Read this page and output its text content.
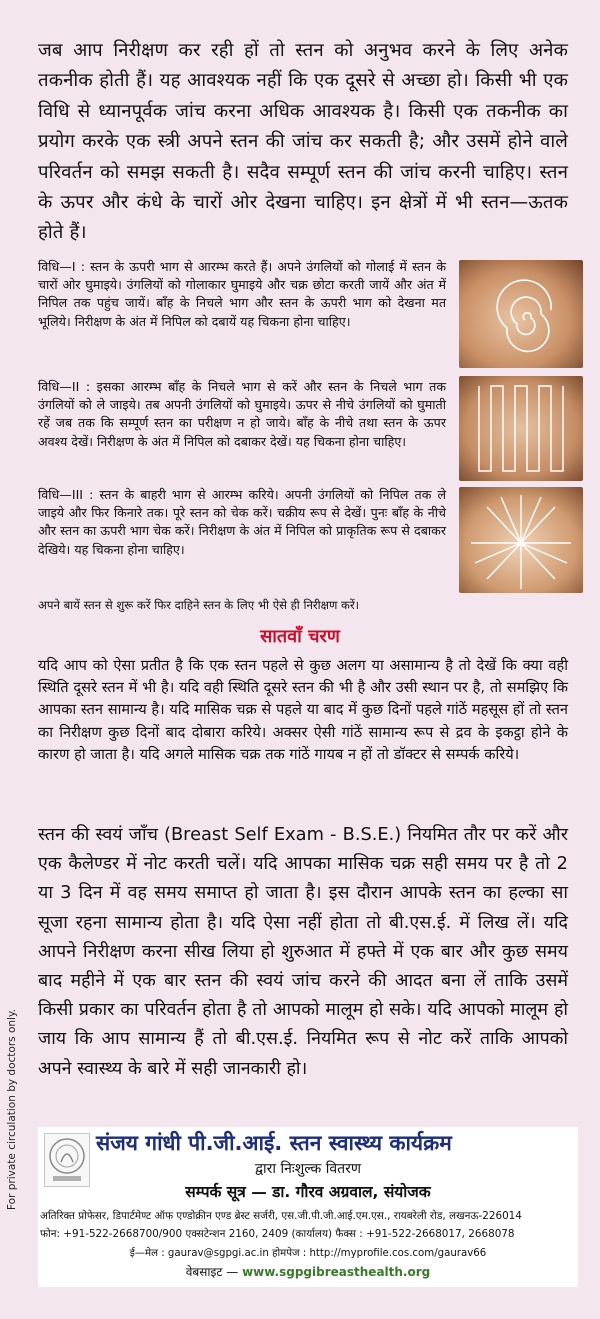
जब आप निरीक्षण कर रही हों तो स्तन को अनुभव करने के लिए अनेक तकनीक होती हैं। यह आवश्यक नहीं कि एक दूसरे से अच्छा हो। किसी भी एक विधि से ध्यानपूर्वक जांच करना अधिक आवश्यक है। किसी एक तकनीक का प्रयोग करके एक स्त्री अपने स्तन की जांच कर सकती है; और उसमें होने वाले परिवर्तन को समझ सकती है। सदैव सम्पूर्ण स्तन की जांच करनी चाहिए। स्तन के ऊपर और कंधे के चारों ओर देखना चाहिए। इन क्षेत्रों में भी स्तन—ऊतक होते हैं।

विधि—I : स्तन के ऊपरी भाग से आरम्भ करते हैं। अपने उंगलियों को गोलाई में स्तन के चारों ओर घुमाइये। उंगलियों को गोलाकार घुमाइये और चक्र छोटा करती जायें और अंत में निपिल तक पहुंच जायें। बाँह के निचले भाग और स्तन के ऊपरी भाग को देखना मत भूलिये। निरीक्षण के अंत में निपिल को दबायें यह चिकना होना चाहिए।

विधि—II : इसका आरम्भ बाँह के निचले भाग से करें और स्तन के निचले भाग तक उंगलियों को ले जाइये। तब अपनी उंगलियों को घुमाइये। ऊपर से नीचे उंगलियों को घुमाती रहें जब तक कि सम्पूर्ण स्तन का परीक्षण न हो जाये। बाँह के नीचे तथा स्तन के ऊपर अवश्य देखें। निरीक्षण के अंत में निपिल को दबाकर देखें। यह चिकना होना चाहिए।

विधि—III : स्तन के बाहरी भाग से आरम्भ करिये। अपनी उंगलियों को निपिल तक ले जाइये और फिर किनारे तक। पूरे स्तन को चेक करें। चक्रीय रूप से देखें। पुनः बाँह के नीचे और स्तन का ऊपरी भाग चेक करें। निरीक्षण के अंत में निपिल को प्राकृतिक रूप से दबाकर देखिये। यह चिकना होना चाहिए।

अपने बायें स्तन से शुरू करें फिर दाहिने स्तन के लिए भी ऐसे ही निरीक्षण करें।

सातवाँ चरण

यदि आप को ऐसा प्रतीत है कि एक स्तन पहले से कुछ अलग या असामान्य है तो देखें कि क्या वही स्थिति दूसरे स्तन में भी है। यदि वही स्थिति दूसरे स्तन की भी है और उसी स्थान पर है, तो समझिए कि आपका स्तन सामान्य है। यदि मासिक चक्र से पहले या बाद में कुछ दिनों पहले गांठें महसूस हों तो स्तन का निरीक्षण कुछ दिनों बाद दोबारा करिये। अक्सर ऐसी गांठें सामान्य रूप से द्रव के इकट्ठा होने के कारण हो जाता है। यदि अगले मासिक चक्र तक गांठें गायब न हों तो डॉक्टर से सम्पर्क करिये।

स्तन की स्वयं जाँच (Breast Self Exam - B.S.E.) नियमित तौर पर करें और एक कैलेण्डर में नोट करती चलें। यदि आपका मासिक चक्र सही समय पर है तो 2 या 3 दिन में वह समय समाप्त हो जाता है। इस दौरान आपके स्तन का हल्का सा सूजा रहना सामान्य होता है। यदि ऐसा नहीं होता तो बी.एस.ई. में लिख लें। यदि आपने निरीक्षण करना सीख लिया हो शुरुआत में हफ्ते में एक बार और कुछ समय बाद महीने में एक बार स्तन की स्वयं जांच करने की आदत बना लें ताकि उसमें किसी प्रकार का परिवर्तन होता है तो आपको मालूम हो सके। यदि आपको मालूम हो जाय कि आप सामान्य हैं तो बी.एस.ई. नियमित रूप से नोट करें ताकि आपको अपने स्वास्थ्य के बारे में सही जानकारी हो।

For private circulation by doctors only.	संजय गांधी पी.जी.आई. स्तन स्वास्थ्य कार्यक्रम

द्वारा निःशुल्क वितरण

सम्पर्क सूत्र — डा. गौरव अग्रवाल, संयोजक

अतिरिक्त प्रोफेसर, डिपार्टमेण्ट ऑफ एण्डोक्रीन एण्ड ब्रेस्ट सर्जरी, एस.जी.पी.जी.आई.एम.एस., रायबरेली रोड, लखनऊ-226014

फोन: +91-522-2668700/900 एक्सटेन्शन 2160, 2409 (कार्यालय) फैक्स : +91-522-2668017, 2668078

ई—मेल : gaurav@sgpgi.ac.in होमपेज : http://myprofile.cos.com/gaurav66

वेबसाइट — www.sgpgibreasthealth.org
